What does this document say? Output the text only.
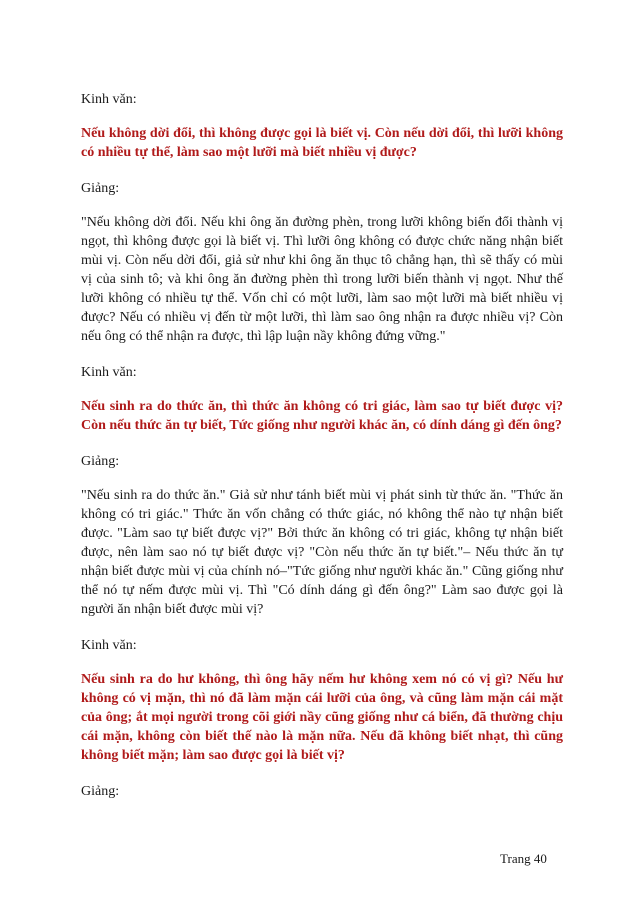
Kinh văn:

Nếu không dời đổi, thì không được gọi là biết vị. Còn nếu dời đổi, thì lưỡi không có nhiều tự thể, làm sao một lưỡi mà biết nhiều vị được?

Giảng:

"Nếu không dời đổi. Nếu khi ông ăn đường phèn, trong lưỡi không biến đổi thành vị ngọt, thì không được gọi là biết vị. Thì lưỡi ông không có được chức năng nhận biết mùi vị. Còn nếu dời đổi, giả sử như khi ông ăn thục tô chẳng hạn, thì sẽ thấy có mùi vị của sinh tô; và khi ông ăn đường phèn thì trong lưỡi biến thành vị ngọt. Như thế lưỡi không có nhiều tự thể. Vốn chỉ có một lưỡi, làm sao một lưỡi mà biết nhiều vị được? Nếu có nhiều vị đến từ một lưỡi, thì làm sao ông nhận ra được nhiều vị? Còn nếu ông có thể nhận ra được, thì lập luận nầy không đứng vững."

Kinh văn:

Nếu sinh ra do thức ăn, thì thức ăn không có tri giác, làm sao tự biết được vị? Còn nếu thức ăn tự biết, Tức giống như người khác ăn, có dính dáng gì đến ông?

Giảng:

"Nếu sinh ra do thức ăn." Giả sử như tánh biết mùi vị phát sinh từ thức ăn. "Thức ăn không có tri giác." Thức ăn vốn chẳng có thức giác, nó không thể nào tự nhận biết được. "Làm sao tự biết được vị?" Bởi thức ăn không có tri giác, không tự nhận biết được, nên làm sao nó tự biết được vị? "Còn nếu thức ăn tự biết."– Nếu thức ăn tự nhận biết được mùi vị của chính nó–"Tức giống như người khác ăn." Cũng giống như thể nó tự nếm được mùi vị. Thì "Có dính dáng gì đến ông?" Làm sao được gọi là người ăn nhận biết được mùi vị?

Kinh văn:

Nếu sinh ra do hư không, thì ông hãy nếm hư không xem nó có vị gì? Nếu hư không có vị mặn, thì nó đã làm mặn cái lưỡi của ông, và cũng làm mặn cái mặt của ông; ắt mọi người trong cõi giới nầy cũng giống như cá biển, đã thường chịu cái mặn, không còn biết thế nào là mặn nữa. Nếu đã không biết nhạt, thì cũng không biết mặn; làm sao được gọi là biết vị?

Giảng:

Trang 40
